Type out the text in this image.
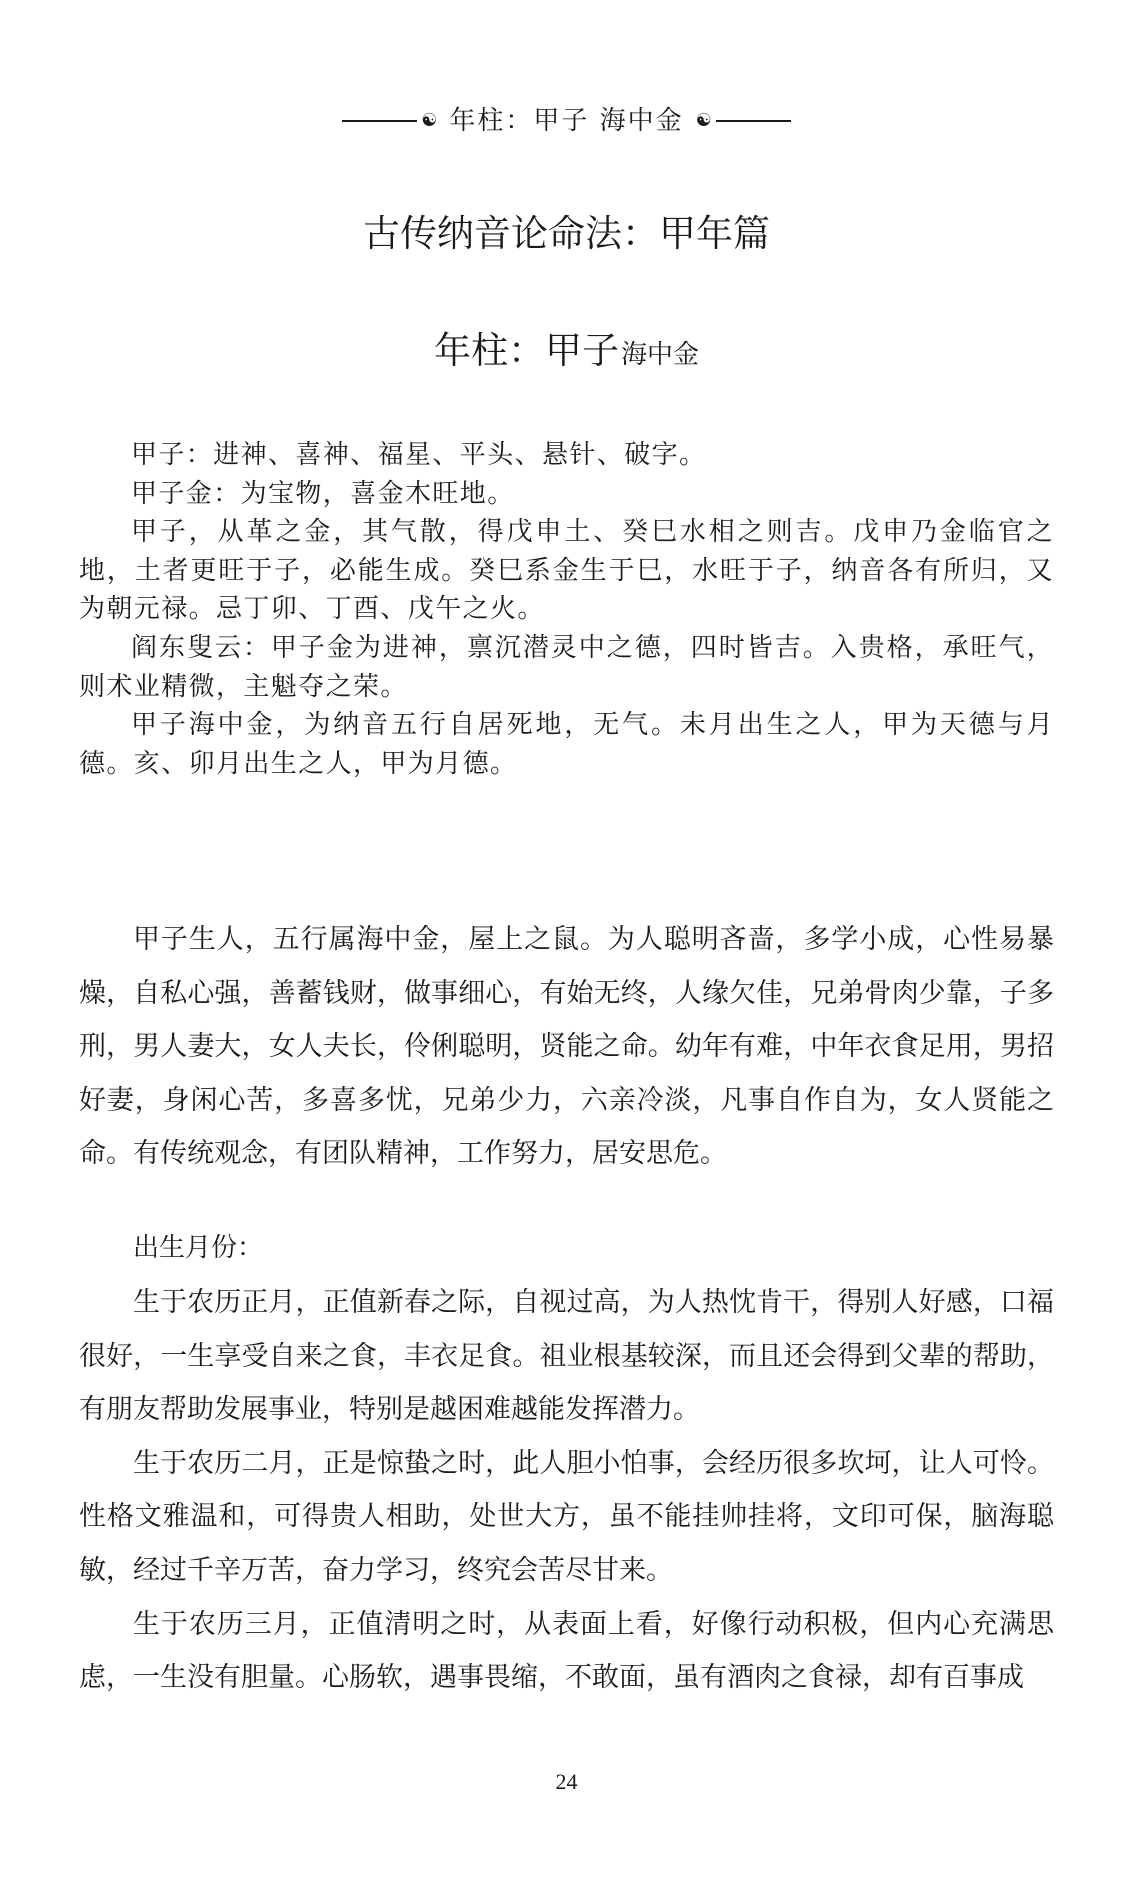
☯ 年柱：甲子 海中金 ☯
古传纳音论命法：甲年篇
年柱：甲子海中金

甲子：进神、喜神、福星、平头、悬针、破字。

甲子金：为宝物，喜金木旺地。

甲子，从革之金，其气散，得戊申土、癸巳水相之则吉。戊申乃金临官之地，土者更旺于子，必能生成。癸巳系金生于巳，水旺于子，纳音各有所归，又为朝元禄。忌丁卯、丁酉、戊午之火。

阎东叟云：甲子金为进神，禀沉潜灵中之德，四时皆吉。入贵格，承旺气，则术业精微，主魁夺之荣。

甲子海中金，为纳音五行自居死地，无气。未月出生之人，甲为天德与月德。亥、卯月出生之人，甲为月德。

甲子生人，五行属海中金，屋上之鼠。为人聪明吝啬，多学小成，心性易暴燥，自私心强，善蓄钱财，做事细心，有始无终，人缘欠佳，兄弟骨肉少靠，子多刑，男人妻大，女人夫长，伶俐聪明，贤能之命。幼年有难，中年衣食足用，男招好妻，身闲心苦，多喜多忧，兄弟少力，六亲冷淡，凡事自作自为，女人贤能之命。有传统观念，有团队精神，工作努力，居安思危。

出生月份：

生于农历正月，正值新春之际，自视过高，为人热忱肯干，得别人好感，口福很好，一生享受自来之食，丰衣足食。祖业根基较深，而且还会得到父辈的帮助，有朋友帮助发展事业，特别是越困难越能发挥潜力。

生于农历二月，正是惊蛰之时，此人胆小怕事，会经历很多坎坷，让人可怜。性格文雅温和，可得贵人相助，处世大方，虽不能挂帅挂将，文印可保，脑海聪敏，经过千辛万苦，奋力学习，终究会苦尽甘来。

生于农历三月，正值清明之时，从表面上看，好像行动积极，但内心充满思虑，一生没有胆量。心肠软，遇事畏缩，不敢面，虽有酒肉之食禄，却有百事成

24
